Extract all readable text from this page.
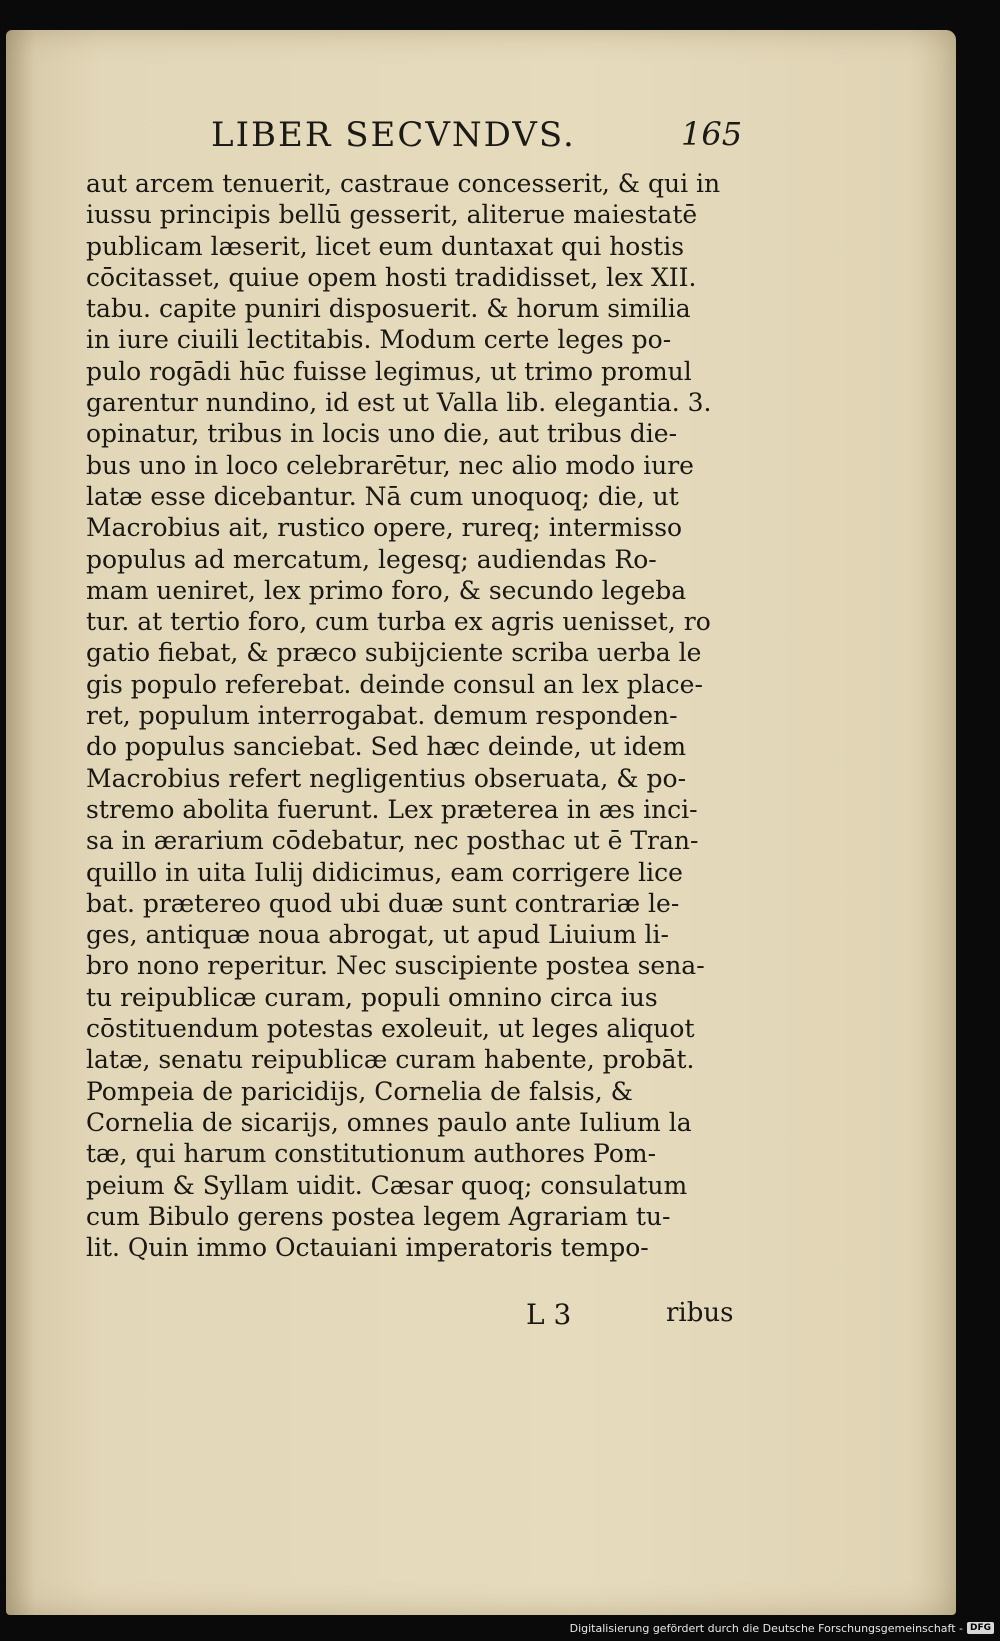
LIBER SECVNDVS.	165
aut arcem tenuerit, castraue concesserit, & qui in
iussu principis bellū gesserit, aliterue maiestatē
publicam læserit, licet eum duntaxat qui hostis
cōcitasset, quiue opem hosti tradidisset, lex XII.
tabu. capite puniri disposuerit. & horum similia
in iure ciuili lectitabis. Modum certe leges po-
pulo rogādi hūc fuisse legimus, ut trimo promul
garentur nundino, id est ut Valla lib. elegantia. 3.
opinatur, tribus in locis uno die, aut tribus die-
bus uno in loco celebrarētur, nec alio modo iure
latæ esse dicebantur. Nā cum unoquoq; die, ut
Macrobius ait, rustico opere, rureq; intermisso
populus ad mercatum, legesq; audiendas Ro-
mam ueniret, lex primo foro, & secundo legeba
tur. at tertio foro, cum turba ex agris uenisset, ro
gatio fiebat, & præco subijciente scriba uerba le
gis populo referebat. deinde consul an lex place-
ret, populum interrogabat. demum responden-
do populus sanciebat. Sed hæc deinde, ut idem
Macrobius refert negligentius obseruata, & po-
stremo abolita fuerunt. Lex præterea in æs inci-
sa in ærarium cōdebatur, nec posthac ut ē Tran-
quillo in uita Iulij didicimus, eam corrigere lice
bat. prætereo quod ubi duæ sunt contrariæ le-
ges, antiquæ noua abrogat, ut apud Liuium li-
bro nono reperitur. Nec suscipiente postea sena-
tu reipublicæ curam, populi omnino circa ius
cōstituendum potestas exoleuit, ut leges aliquot
latæ, senatu reipublicæ curam habente, probāt.
Pompeia de paricidijs, Cornelia de falsis, &
Cornelia de sicarijs, omnes paulo ante Iulium la
tæ, qui harum constitutionum authores Pom-
peium & Syllam uidit. Cæsar quoq; consulatum
cum Bibulo gerens postea legem Agrariam tu-
lit. Quin immo Octauiani imperatoris tempo-
L 3	ribus
Digitalisierung gefördert durch die Deutsche Forschungsgemeinschaft - DFG
